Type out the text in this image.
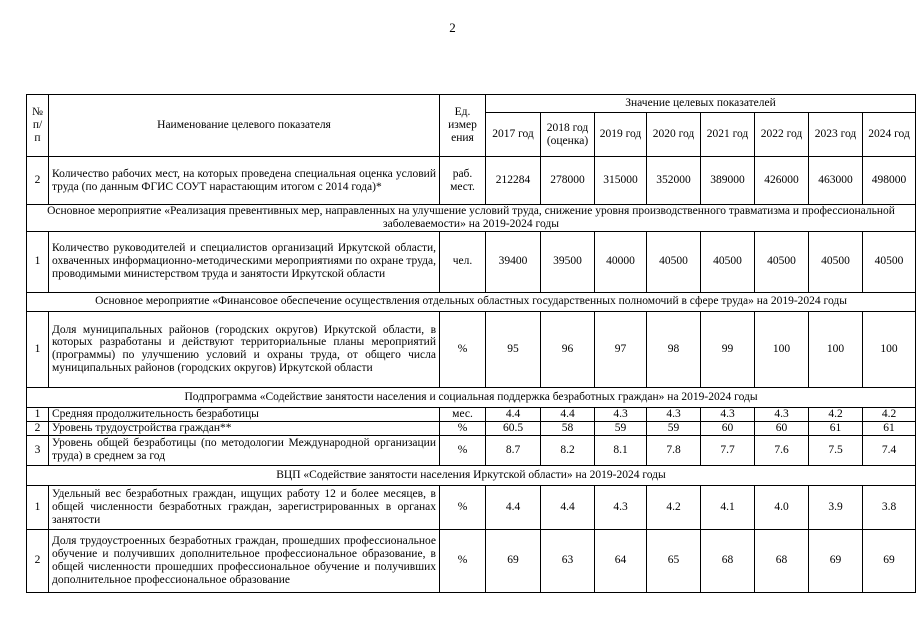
2
№ п/п	Наименование целевого показателя	Ед. измер ения	Значение целевых показателей							
			2017 год	2018 год (оценка)	2019 год	2020 год	2021 год	2022 год	2023 год	2024 год
2	Количество рабочих мест, на которых проведена специальная оценка условий труда (по данным ФГИС СОУТ нарастающим итогом с 2014 года)*	раб. мест.	212284	278000	315000	352000	389000	426000	463000	498000
Основное мероприятие «Реализация превентивных мер, направленных на улучшение условий труда, снижение уровня производственного травматизма и профессиональной заболеваемости» на 2019-2024 годы										
1	Количество руководителей и специалистов организаций Иркутской области, охваченных информационно-методическими мероприятиями по охране труда, проводимыми министерством труда и занятости Иркутской области	чел.	39400	39500	40000	40500	40500	40500	40500	40500
Основное мероприятие «Финансовое обеспечение осуществления отдельных областных государственных полномочий в сфере труда» на 2019-2024 годы										
1	Доля муниципальных районов (городских округов) Иркутской области, в которых разработаны и действуют территориальные планы мероприятий (программы) по улучшению условий и охраны труда, от общего числа муниципальных районов (городских округов) Иркутской области	%	95	96	97	98	99	100	100	100
Подпрограмма «Содействие занятости населения и социальная поддержка безработных граждан» на 2019-2024 годы										
1	Средняя продолжительность безработицы	мес.	4.4	4.4	4.3	4.3	4.3	4.3	4.2	4.2
2	Уровень трудоустройства граждан**	%	60.5	58	59	59	60	60	61	61
3	Уровень общей безработицы (по методологии Международной организации труда) в среднем за год	%	8.7	8.2	8.1	7.8	7.7	7.6	7.5	7.4
ВЦП «Содействие занятости населения Иркутской области» на 2019-2024 годы										
1	Удельный вес безработных граждан, ищущих работу 12 и более месяцев, в общей численности безработных граждан, зарегистрированных в органах занятости	%	4.4	4.4	4.3	4.2	4.1	4.0	3.9	3.8
2	Доля трудоустроенных безработных граждан, прошедших профессиональное обучение и получивших дополнительное профессиональное образование, в общей численности прошедших профессиональное обучение и получивших дополнительное профессиональное образование	%	69	63	64	65	68	68	69	69
